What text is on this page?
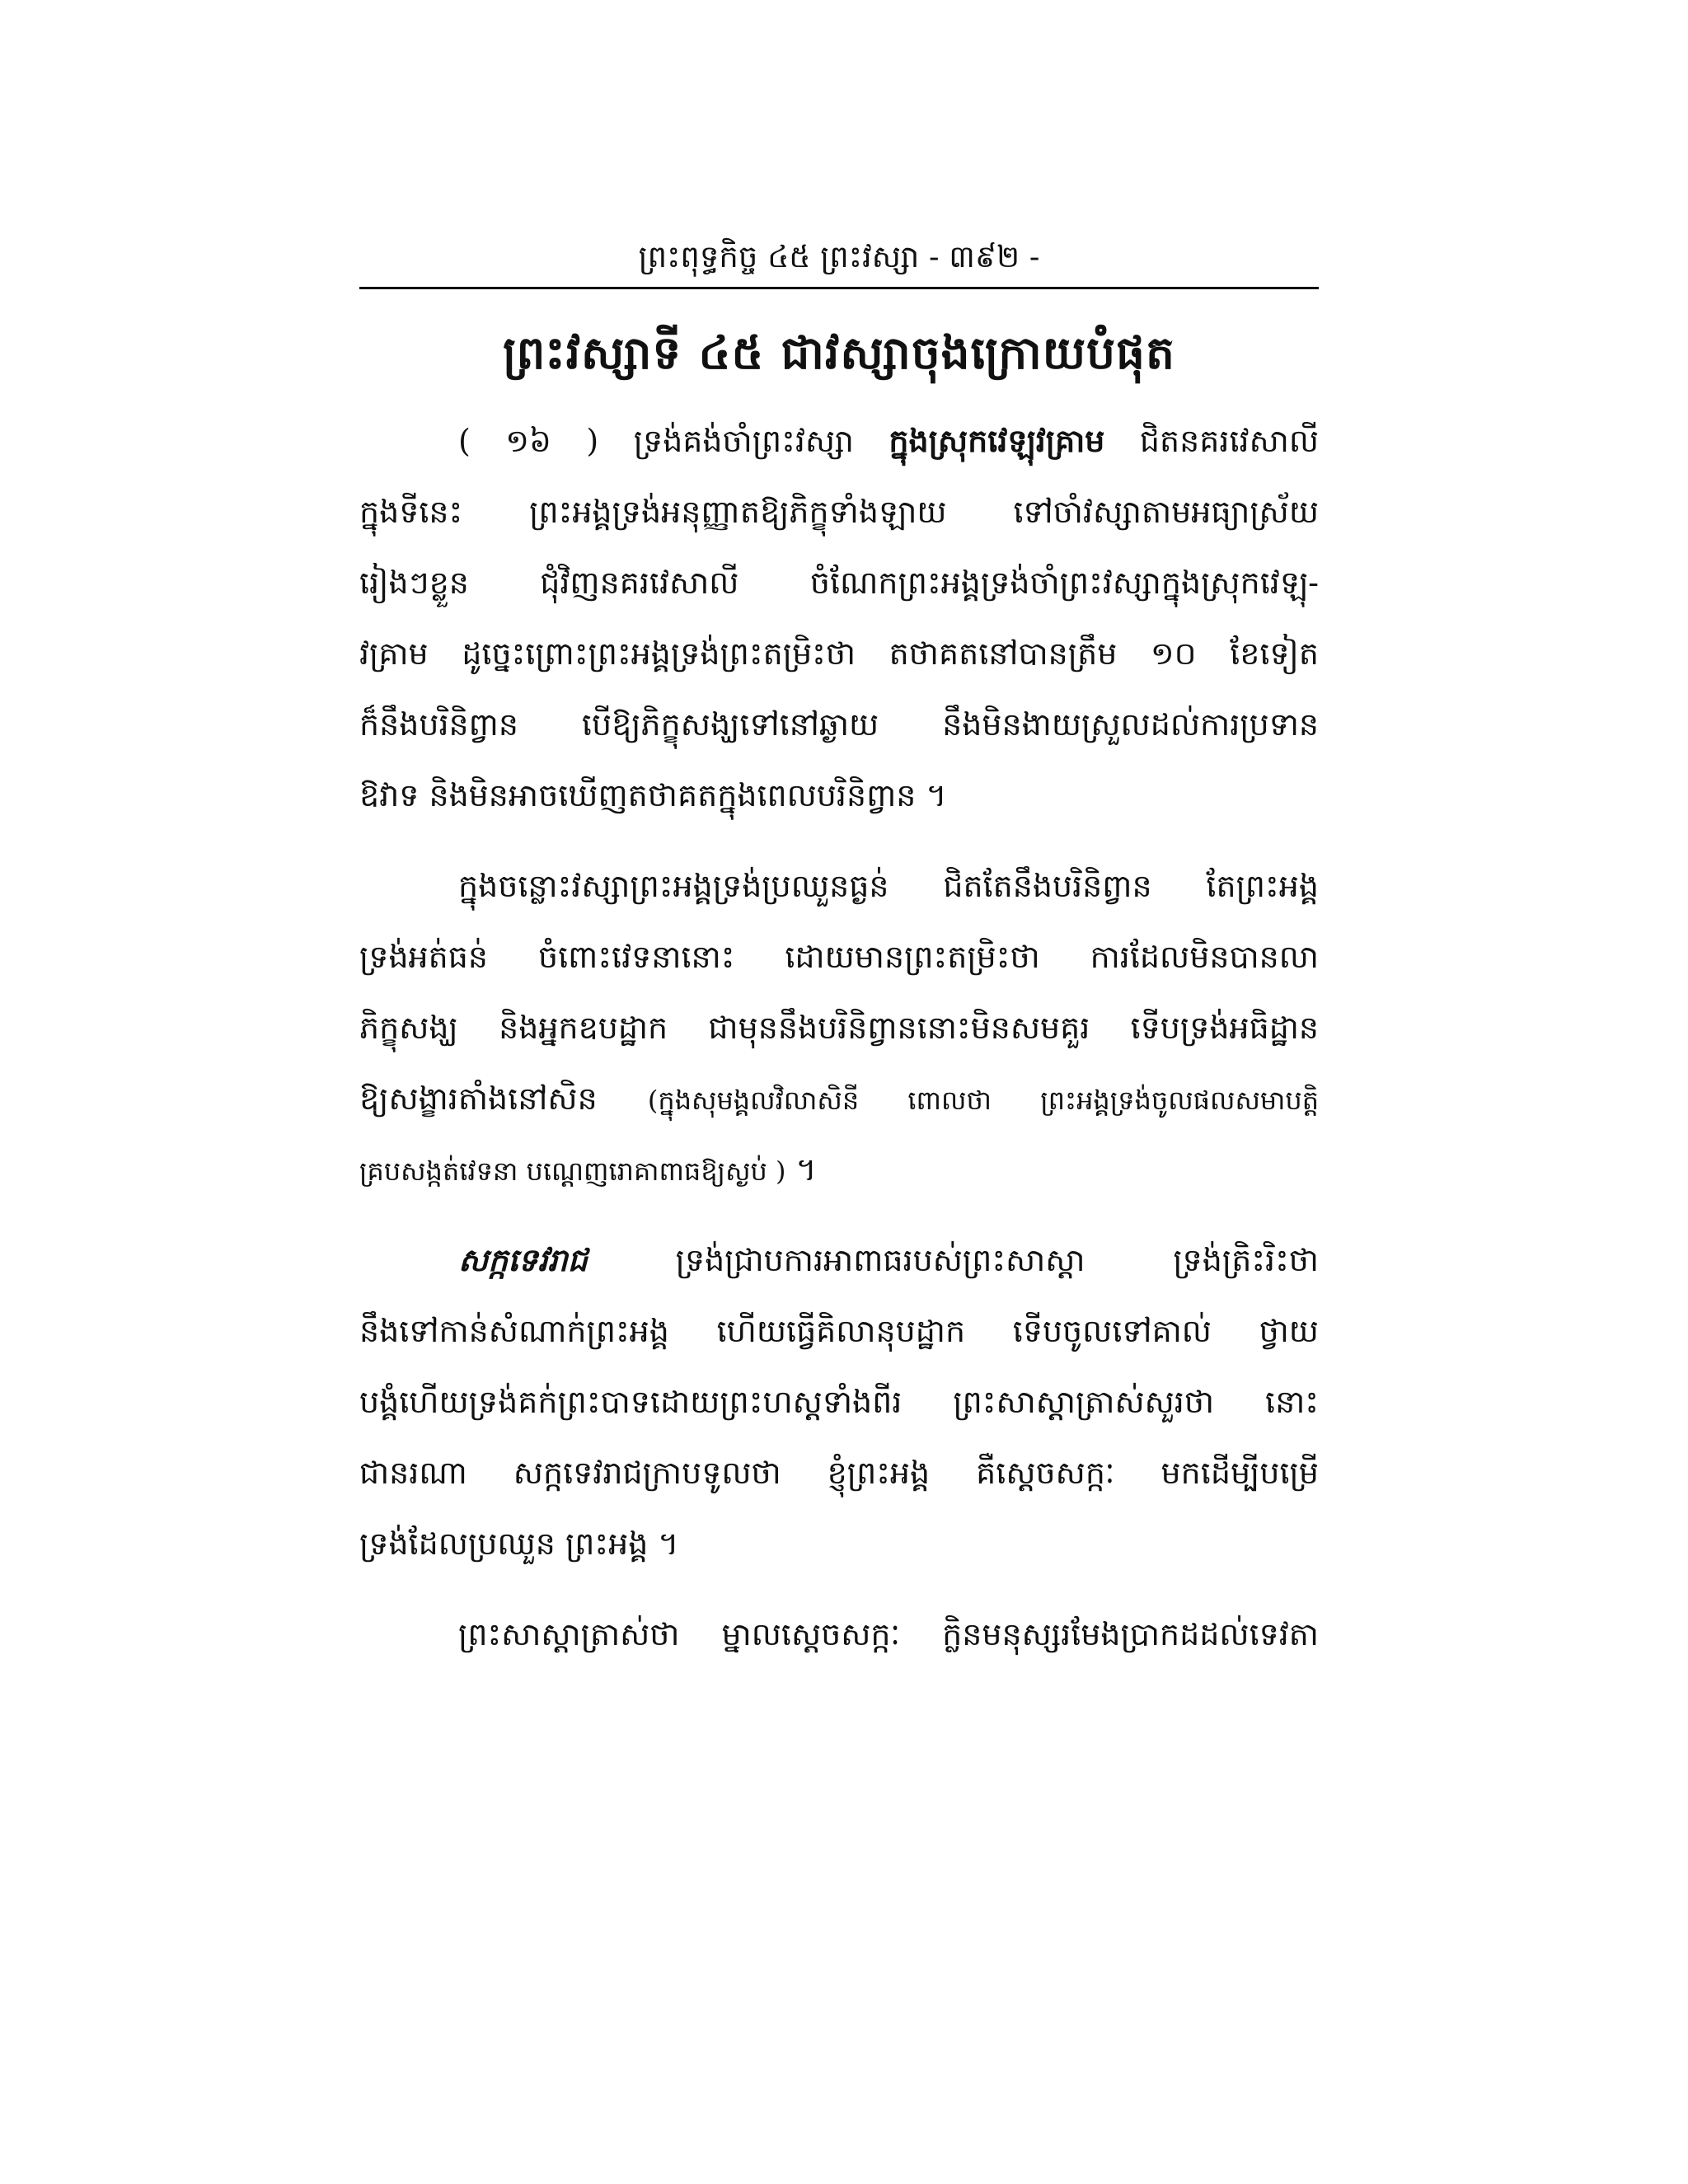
ព្រះពុទ្ធកិច្ច ៤៥ ព្រះវស្សា - ៣៩២ -
ព្រះវស្សាទី ៤៥ ជាវស្សាចុងក្រោយបំផុត
( ១៦ ) ទ្រង់គង់ចាំព្រះវស្សា ក្នុងស្រុកវេឡុវគ្រាម ជិតនគរវេសាលី
ក្នុងទីនេះ ព្រះអង្គទ្រង់អនុញ្ញាតឱ្យភិក្ខុទាំងឡាយ ទៅចាំវស្សាតាមអធ្យាស្រ័យ
រៀងៗខ្លួន ជុំវិញនគរវេសាលី ចំណែកព្រះអង្គទ្រង់ចាំព្រះវស្សាក្នុងស្រុកវេឡុ-
វគ្រាម ដូច្នេះព្រោះព្រះអង្គទ្រង់ព្រះតម្រិះថា តថាគតនៅបានត្រឹម ១០ ខែទៀត
ក៏នឹងបរិនិព្វាន បើឱ្យភិក្ខុសង្ឃទៅនៅឆ្ងាយ នឹងមិនងាយស្រួលដល់ការប្រទាន
ឱវាទ និងមិនអាចឃើញតថាគតក្នុងពេលបរិនិព្វាន ។
ក្នុងចន្លោះវស្សាព្រះអង្គទ្រង់ប្រឈួនធ្ងន់ ជិតតែនឹងបរិនិព្វាន តែព្រះអង្គ
ទ្រង់អត់ធន់ ចំពោះវេទនានោះ ដោយមានព្រះតម្រិះថា ការដែលមិនបានលា
ភិក្ខុសង្ឃ និងអ្នកឧបដ្ឋាក ជាមុននឹងបរិនិព្វាននោះមិនសមគួរ ទើបទ្រង់អធិដ្ឋាន
ឱ្យសង្ខារតាំងនៅសិន (ក្នុងសុមង្គលវិលាសិនី ពោលថា ព្រះអង្គទ្រង់ចូលផលសមាបត្តិ
គ្របសង្កត់វេទនា បណ្តេញរោគាពាធឱ្យស្ងប់ ) ។
សក្កទេវរាជ	ទ្រង់ជ្រាបការអាពាធរបស់ព្រះសាស្តា ទ្រង់ត្រិះរិះថា
នឹងទៅកាន់សំណាក់ព្រះអង្គ ហើយធ្វើគិលានុបដ្ឋាក ទើបចូលទៅគាល់ ថ្វាយ
បង្គំហើយទ្រង់គក់ព្រះបាទដោយព្រះហស្តទាំងពីរ ព្រះសាស្តាត្រាស់សួរថា នោះ
ជានរណា សក្កទេវរាជក្រាបទូលថា ខ្ញុំព្រះអង្គ គឺស្តេចសក្កៈ មកដើម្បីបម្រើ
ទ្រង់ដែលប្រឈួន ព្រះអង្គ ។
ព្រះសាស្តាត្រាស់ថា ម្នាលស្តេចសក្កៈ ក្លិនមនុស្សរមែងប្រាកដដល់ទេវតា
